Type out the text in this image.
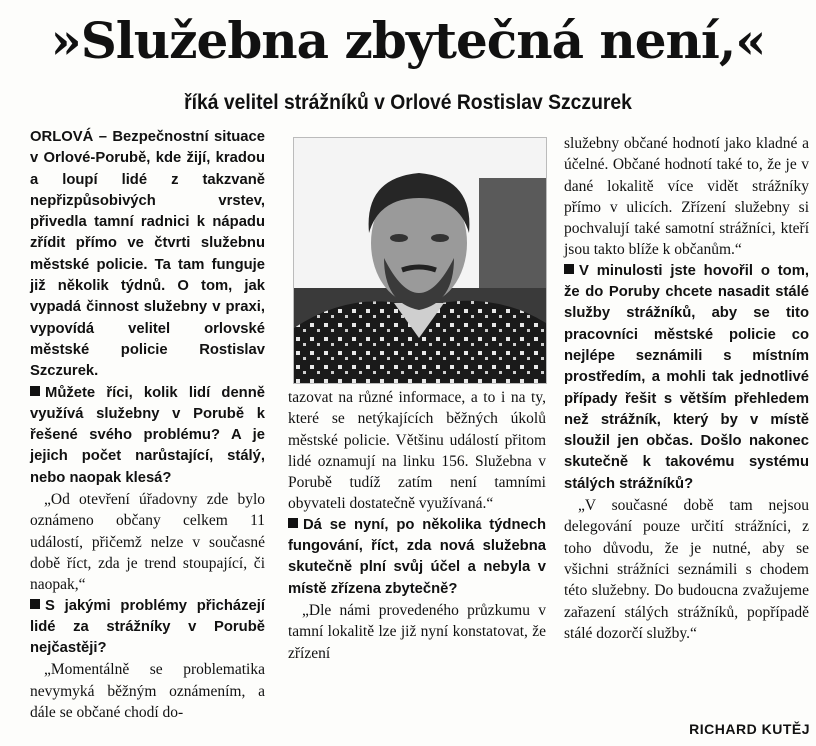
»Služebna zbytečná není,«
říká velitel strážníků v Orlové Rostislav Szczurek

ORLOVÁ – Bezpečnostní situace v Orlové-Porubě, kde žijí, kradou a loupí lidé z takzvaně nepřizpůsobivých vrstev, přivedla tamní radnici k nápadu zřídit přímo ve čtvrti služebnu městské policie. Ta tam funguje již několik týdnů. O tom, jak vypadá činnost služebny v praxi, vypovídá velitel orlovské městské policie Rostislav Szczurek.

Můžete říci, kolik lidí denně využívá služebny v Porubě k řešené svého problému? A je jejich počet narůstající, stálý, nebo naopak klesá?

„Od otevření úřadovny zde bylo oznámeno občany celkem 11 událostí, přičemž nelze v současné době říct, zda je trend stoupající, či naopak,“

S jakými problémy přicházejí lidé za strážníky v Porubě nejčastěji?

„Momentálně se problematika nevymyká běžným oznámením, a dále se občané chodí do-

tazovat na různé informace, a to i na ty, které se netýkajících běžných úkolů městské policie. Většinu událostí přitom lidé oznamují na linku 156. Služebna v Porubě tudíž zatím není tamními obyvateli dostatečně využívaná.“

Dá se nyní, po několika týdnech fungování, říct, zda nová služebna skutečně plní svůj účel a nebyla v místě zřízena zbytečně?

„Dle námi provedeného průzkumu v tamní lokalitě lze již nyní konstatovat, že zřízení

služebny občané hodnotí jako kladné a účelné. Občané hodnotí také to, že je v dané lokalitě více vidět strážníky přímo v ulicích. Zřízení služebny si pochvalují také samotní strážníci, kteří jsou takto blíže k občanům.“

V minulosti jste hovořil o tom, že do Poruby chcete nasadit stálé služby strážníků, aby se tito pracovníci městské policie co nejlépe seznámili s místním prostředím, a mohli tak jednotlivé případy řešit s větším přehledem než strážník, který by v místě sloužil jen občas. Došlo nakonec skutečně k takovému systému stálých strážníků?

„V současné době tam nejsou delegování pouze určití strážníci, z toho důvodu, že je nutné, aby se všichni strážníci seznámili s chodem této služebny. Do budoucna zvažujeme zařazení stálých strážníků, popřípadě stálé dozorčí služby.“

RICHARD KUTĚJ
